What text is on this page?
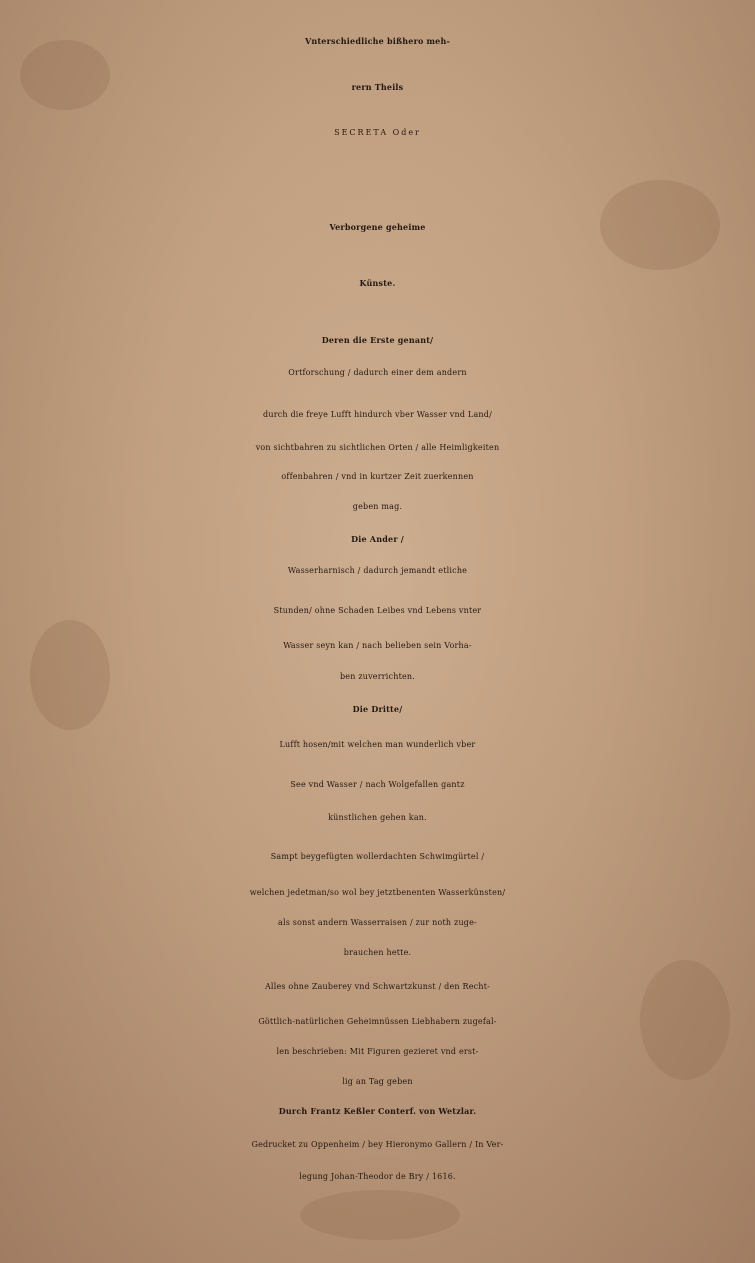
Vnterschiedliche bißhero meh-
rern Theils
SECRETA Oder
Verborgene geheime
Künste.
Deren die Erste genant/
Ortforschung / dadurch einer dem andern
durch die freye Lufft hindurch vber Wasser vnd Land/
von sichtbahren zu sichtlichen Orten / alle Heimligkeiten
offenbahren / vnd in kurtzer Zeit zuerkennen
geben mag.
Die Ander /
Wasserharnisch / dadurch jemandt etliche
Stunden/ ohne Schaden Leibes vnd Lebens vnter
Wasser seyn kan / nach belieben sein Vorha-
ben zuverrichten.
Die Dritte/
Lufft hosen/mit welchen man wunderlich vber
See vnd Wasser / nach Wolgefallen gantz
künstlichen gehen kan.
Sampt beygefügten wollerdachten Schwimgürtel /
welchen jedetman/so wol bey jetztbenenten Wasserkünsten/
als sonst andern Wasserraisen / zur noth zuge-
brauchen hette.
Alles ohne Zauberey vnd Schwartzkunst / den Recht-
Göttlich-natürlichen Geheimnüssen Liebhabern zugefal-
len beschrieben: Mit Figuren gezieret vnd erst-
lig an Tag geben
Durch Frantz Keßler Conterf. von Wetzlar.
Gedrucket zu Oppenheim / bey Hieronymo Gallern / In Ver-
legung Johan-Theodor de Bry / 1616.
